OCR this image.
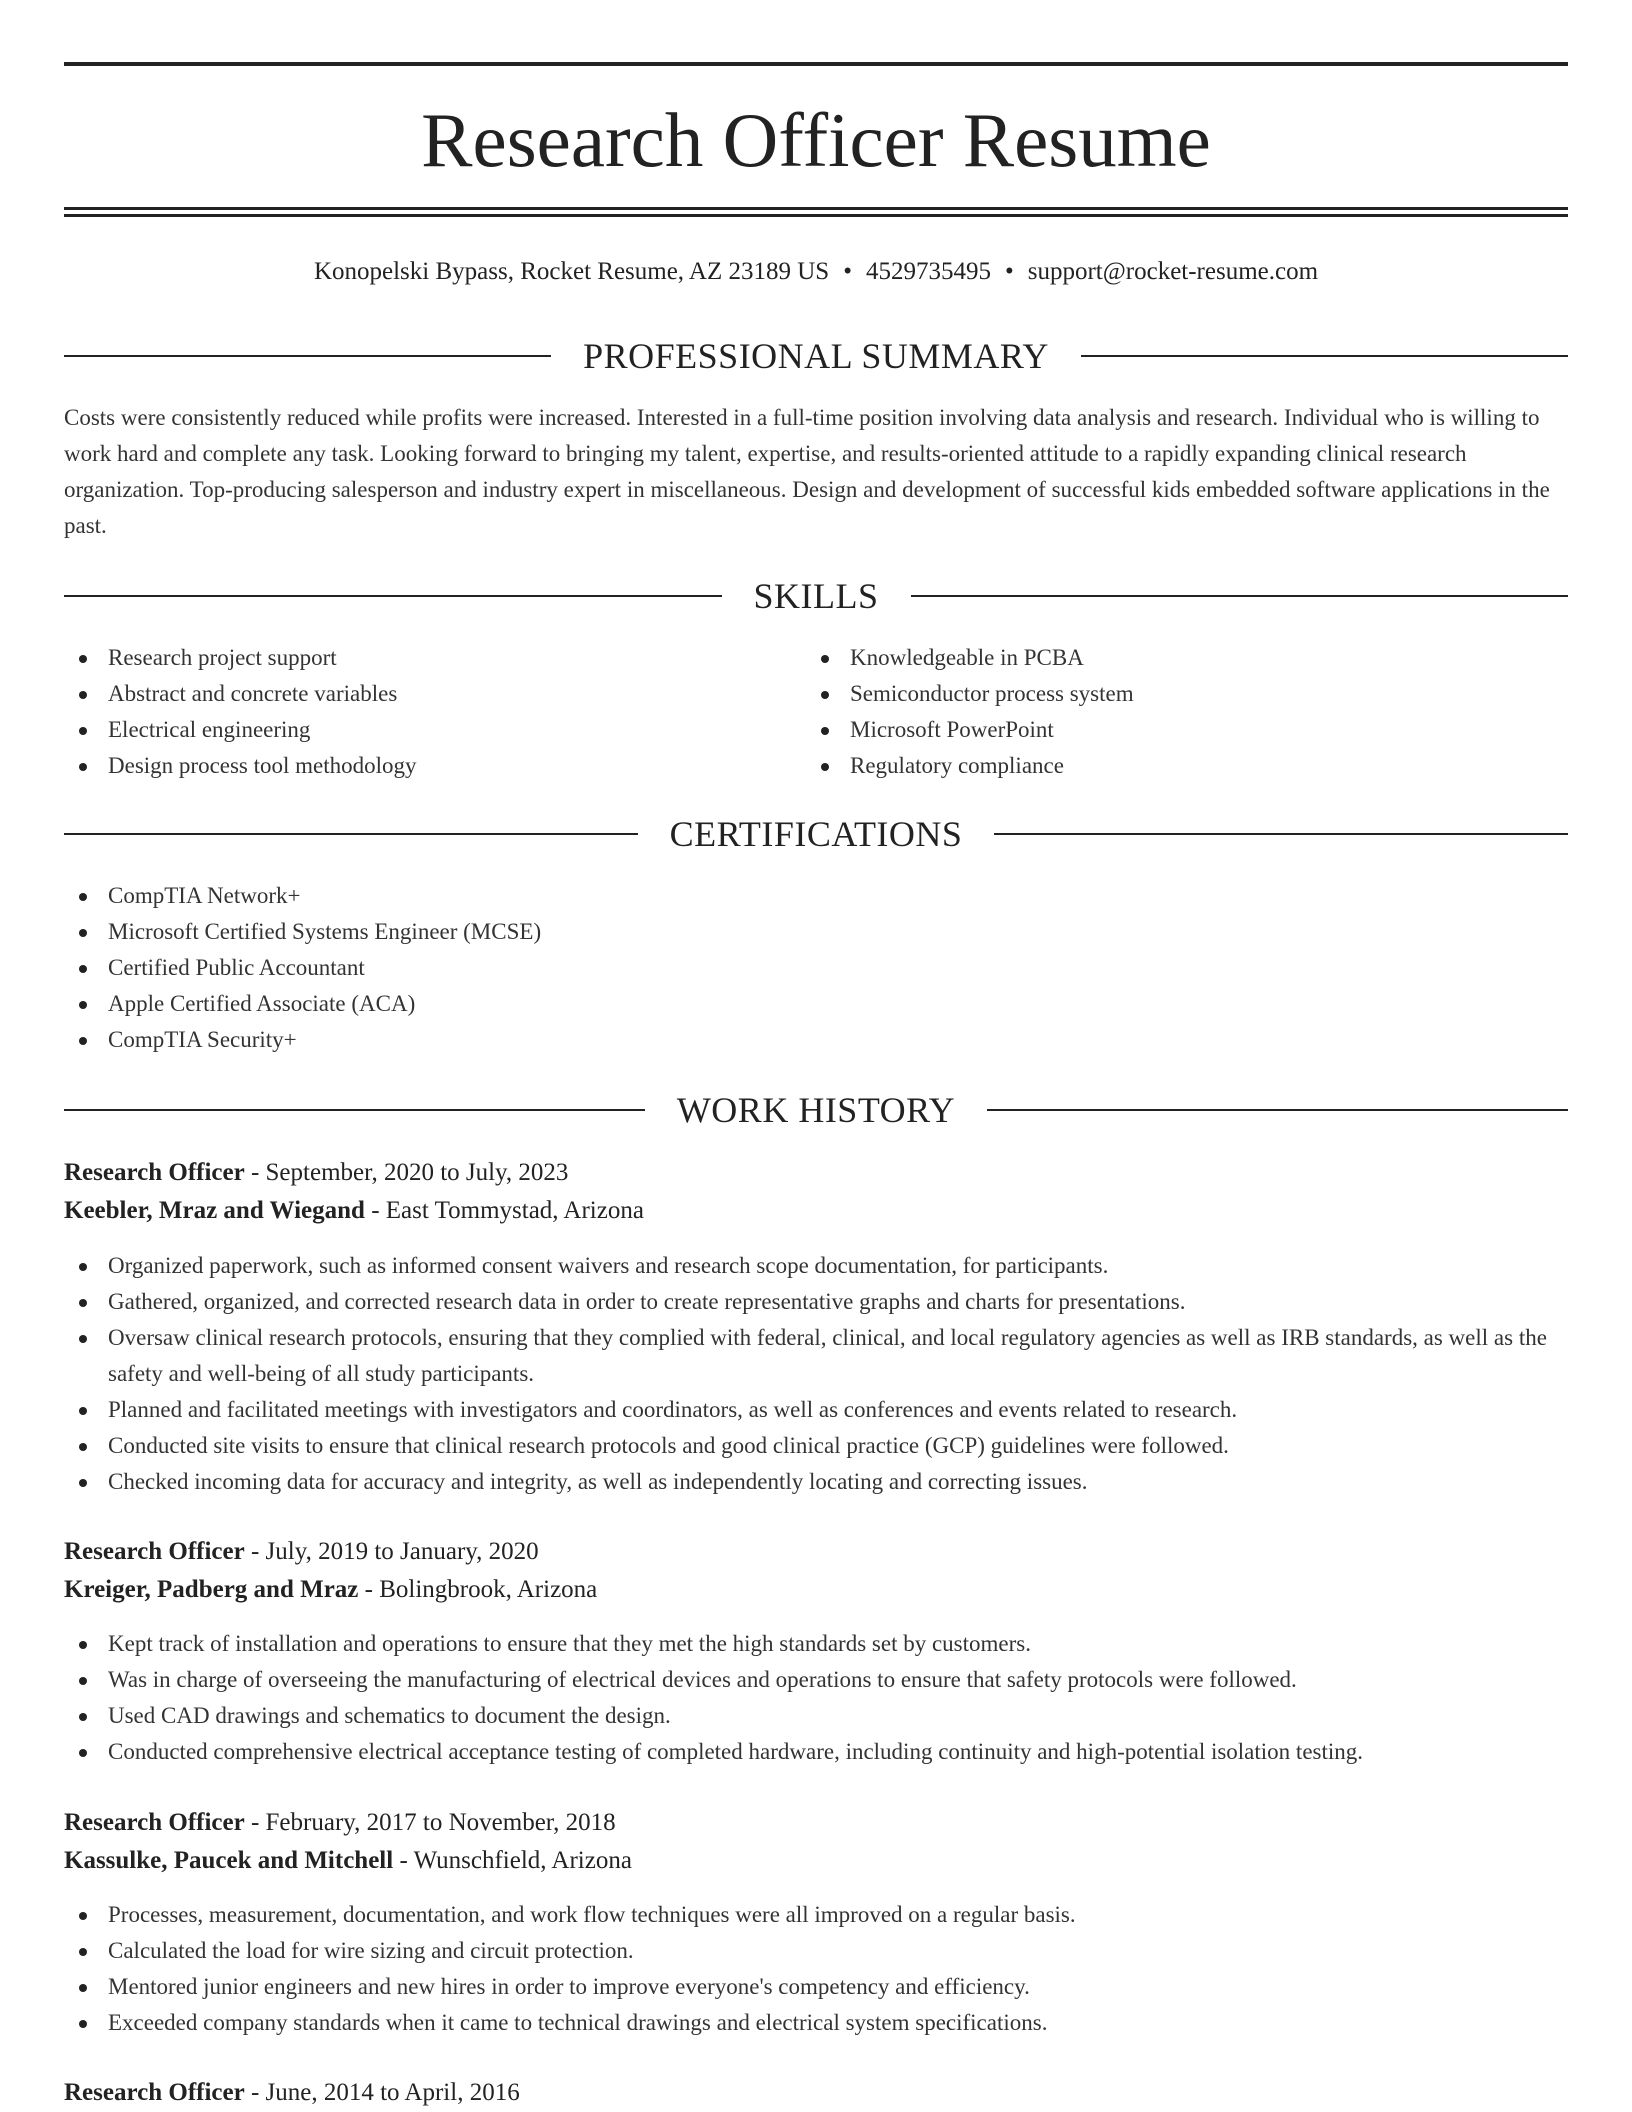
Research Officer Resume
Konopelski Bypass, Rocket Resume, AZ 23189 US • 4529735495 • support@rocket-resume.com
PROFESSIONAL SUMMARY
Costs were consistently reduced while profits were increased. Interested in a full-time position involving data analysis and research. Individual who is willing to work hard and complete any task. Looking forward to bringing my talent, expertise, and results-oriented attitude to a rapidly expanding clinical research organization. Top-producing salesperson and industry expert in miscellaneous. Design and development of successful kids embedded software applications in the past.
SKILLS
Research project support
Abstract and concrete variables
Electrical engineering
Design process tool methodology
Knowledgeable in PCBA
Semiconductor process system
Microsoft PowerPoint
Regulatory compliance
CERTIFICATIONS
CompTIA Network+
Microsoft Certified Systems Engineer (MCSE)
Certified Public Accountant
Apple Certified Associate (ACA)
CompTIA Security+
WORK HISTORY
Research Officer - September, 2020 to July, 2023
Keebler, Mraz and Wiegand - East Tommystad, Arizona
Organized paperwork, such as informed consent waivers and research scope documentation, for participants.
Gathered, organized, and corrected research data in order to create representative graphs and charts for presentations.
Oversaw clinical research protocols, ensuring that they complied with federal, clinical, and local regulatory agencies as well as IRB standards, as well as the safety and well-being of all study participants.
Planned and facilitated meetings with investigators and coordinators, as well as conferences and events related to research.
Conducted site visits to ensure that clinical research protocols and good clinical practice (GCP) guidelines were followed.
Checked incoming data for accuracy and integrity, as well as independently locating and correcting issues.
Research Officer - July, 2019 to January, 2020
Kreiger, Padberg and Mraz - Bolingbrook, Arizona
Kept track of installation and operations to ensure that they met the high standards set by customers.
Was in charge of overseeing the manufacturing of electrical devices and operations to ensure that safety protocols were followed.
Used CAD drawings and schematics to document the design.
Conducted comprehensive electrical acceptance testing of completed hardware, including continuity and high-potential isolation testing.
Research Officer - February, 2017 to November, 2018
Kassulke, Paucek and Mitchell - Wunschfield, Arizona
Processes, measurement, documentation, and work flow techniques were all improved on a regular basis.
Calculated the load for wire sizing and circuit protection.
Mentored junior engineers and new hires in order to improve everyone's competency and efficiency.
Exceeded company standards when it came to technical drawings and electrical system specifications.
Research Officer - June, 2014 to April, 2016
